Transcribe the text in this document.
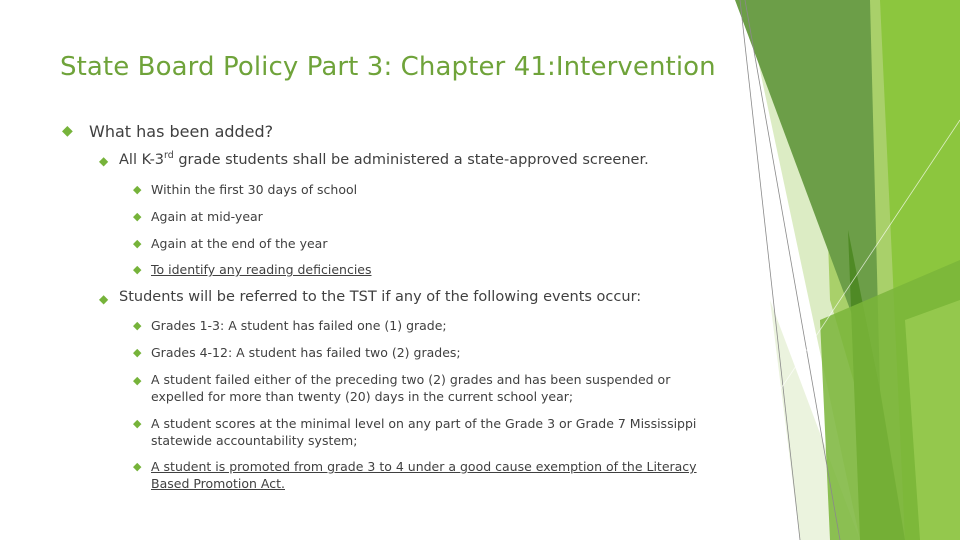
State Board Policy Part 3: Chapter 41:Intervention
◆ What has been added?
◆ All K-3rd grade students shall be administered a state-approved screener.
◆ Within the first 30 days of school
◆ Again at mid-year
◆ Again at the end of the year
◆ To identify any reading deficiencies
◆ Students will be referred to the TST if any of the following events occur:
◆ Grades 1-3: A student has failed one (1) grade;
◆ Grades 4-12: A student has failed two (2) grades;
◆ A student failed either of the preceding two (2) grades and has been suspended or expelled for more than twenty (20) days in the current school year;
◆ A student scores at the minimal level on any part of the Grade 3 or Grade 7 Mississippi statewide accountability system;
◆ A student is promoted from grade 3 to 4 under a good cause exemption of the Literacy Based Promotion Act.
